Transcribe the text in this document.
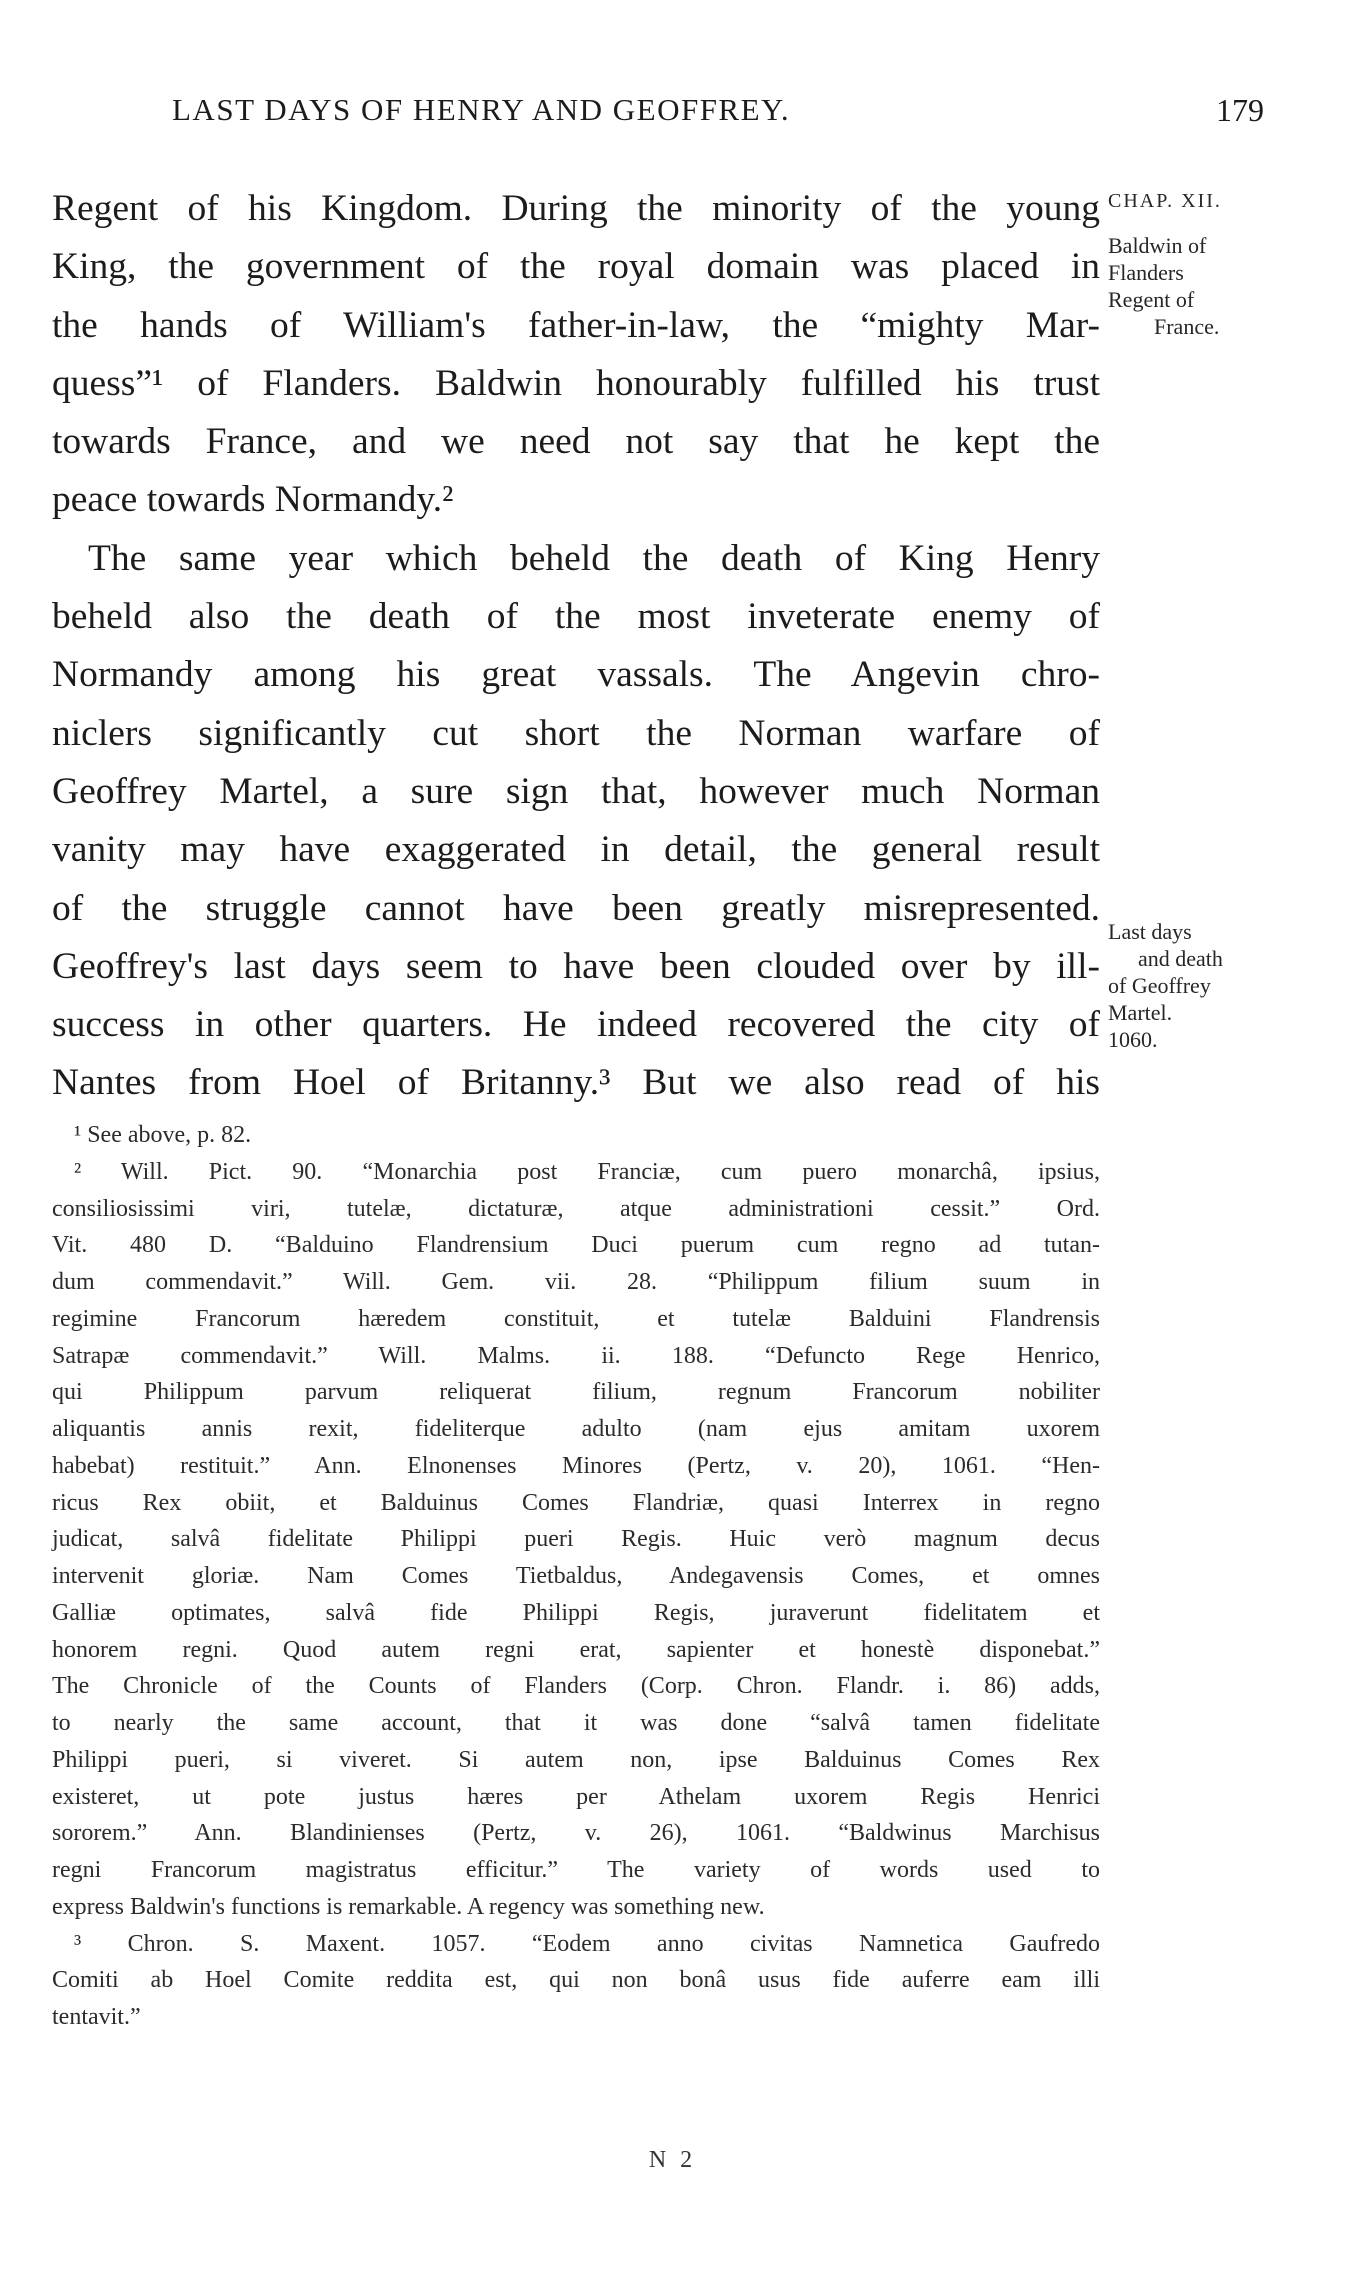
LAST DAYS OF HENRY AND GEOFFREY.	179
Regent of his Kingdom. During the minority of the young
King, the government of the royal domain was placed in
the hands of William's father-in-law, the “mighty Mar-
quess”¹ of Flanders. Baldwin honourably fulfilled his trust
towards France, and we need not say that he kept the
peace towards Normandy.²
The same year which beheld the death of King Henry
beheld also the death of the most inveterate enemy of
Normandy among his great vassals. The Angevin chro-
niclers significantly cut short the Norman warfare of
Geoffrey Martel, a sure sign that, however much Norman
vanity may have exaggerated in detail, the general result
of the struggle cannot have been greatly misrepresented.
Geoffrey's last days seem to have been clouded over by ill-
success in other quarters. He indeed recovered the city of
Nantes from Hoel of Britanny.³ But we also read of his
CHAP. XII.
Baldwin of
Flanders
Regent of
France.
Last days
and death
of Geoffrey
Martel.
1060.
¹ See above, p. 82.
² Will. Pict. 90. “Monarchia post Franciæ, cum puero monarchâ, ipsius,
consiliosissimi viri, tutelæ, dictaturæ, atque administrationi cessit.” Ord.
Vit. 480 D. “Balduino Flandrensium Duci puerum cum regno ad tutan-
dum commendavit.” Will. Gem. vii. 28. “Philippum filium suum in
regimine Francorum hæredem constituit, et tutelæ Balduini Flandrensis
Satrapæ commendavit.” Will. Malms. ii. 188. “Defuncto Rege Henrico,
qui Philippum parvum reliquerat filium, regnum Francorum nobiliter
aliquantis annis rexit, fideliterque adulto (nam ejus amitam uxorem
habebat) restituit.” Ann. Elnonenses Minores (Pertz, v. 20), 1061. “Hen-
ricus Rex obiit, et Balduinus Comes Flandriæ, quasi Interrex in regno
judicat, salvâ fidelitate Philippi pueri Regis. Huic verò magnum decus
intervenit gloriæ. Nam Comes Tietbaldus, Andegavensis Comes, et omnes
Galliæ optimates, salvâ fide Philippi Regis, juraverunt fidelitatem et
honorem regni. Quod autem regni erat, sapienter et honestè disponebat.”
The Chronicle of the Counts of Flanders (Corp. Chron. Flandr. i. 86) adds,
to nearly the same account, that it was done “salvâ tamen fidelitate
Philippi pueri, si viveret. Si autem non, ipse Balduinus Comes Rex
existeret, ut pote justus hæres per Athelam uxorem Regis Henrici
sororem.” Ann. Blandinienses (Pertz, v. 26), 1061. “Baldwinus Marchisus
regni Francorum magistratus efficitur.” The variety of words used to
express Baldwin's functions is remarkable. A regency was something new.
³ Chron. S. Maxent. 1057. “Eodem anno civitas Namnetica Gaufredo
Comiti ab Hoel Comite reddita est, qui non bonâ usus fide auferre eam illi
tentavit.”
N 2
